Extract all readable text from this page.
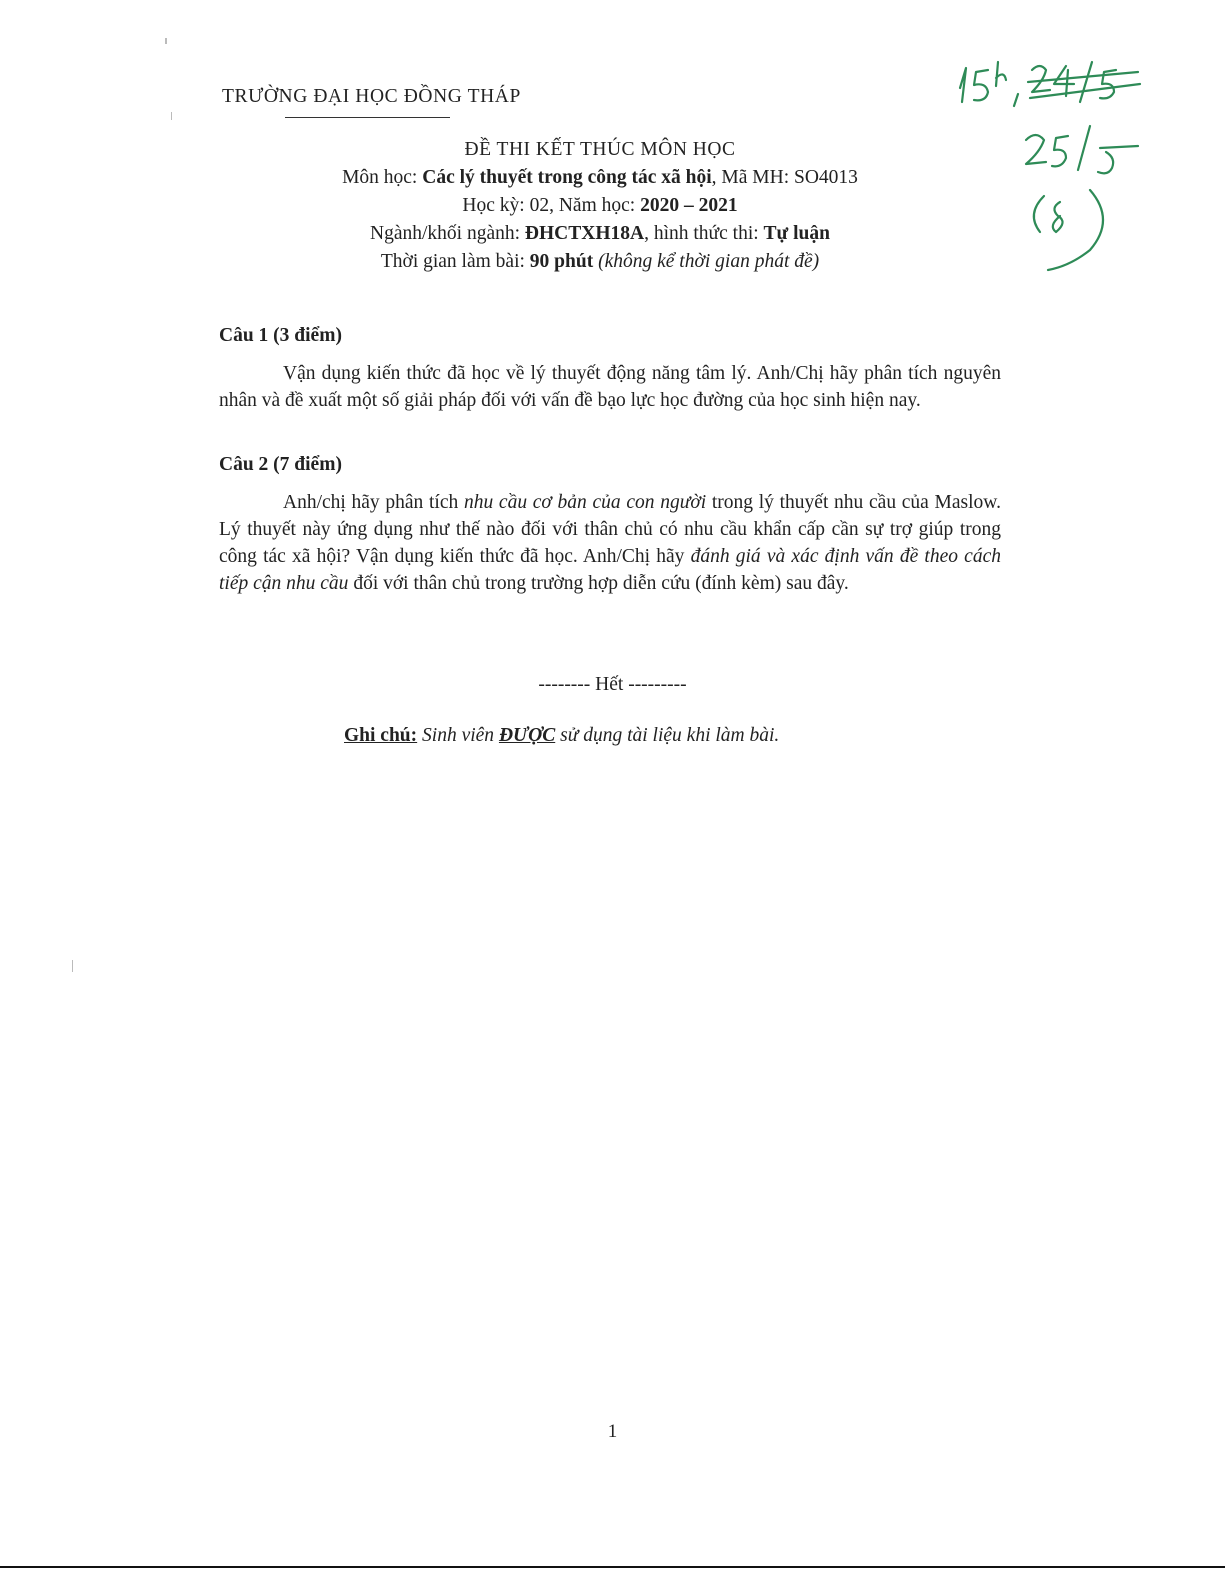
TRƯỜNG ĐẠI HỌC ĐỒNG THÁP
ĐỀ THI KẾT THÚC MÔN HỌC
Môn học: Các lý thuyết trong công tác xã hội, Mã MH: SO4013
Học kỳ: 02, Năm học: 2020 – 2021
Ngành/khối ngành: ĐHCTXH18A, hình thức thi: Tự luận
Thời gian làm bài: 90 phút (không kể thời gian phát đề)
Câu 1 (3 điểm)
Vận dụng kiến thức đã học về lý thuyết động năng tâm lý. Anh/Chị hãy phân tích nguyên nhân và đề xuất một số giải pháp đối với vấn đề bạo lực học đường của học sinh hiện nay.
Câu 2 (7 điểm)
Anh/chị hãy phân tích nhu cầu cơ bản của con người trong lý thuyết nhu cầu của Maslow. Lý thuyết này ứng dụng như thế nào đối với thân chủ có nhu cầu khẩn cấp cần sự trợ giúp trong công tác xã hội? Vận dụng kiến thức đã học. Anh/Chị hãy đánh giá và xác định vấn đề theo cách tiếp cận nhu cầu đối với thân chủ trong trường hợp diễn cứu (đính kèm) sau đây.
-------- Hết ---------
Ghi chú: Sinh viên ĐƯỢC sử dụng tài liệu khi làm bài.
1
